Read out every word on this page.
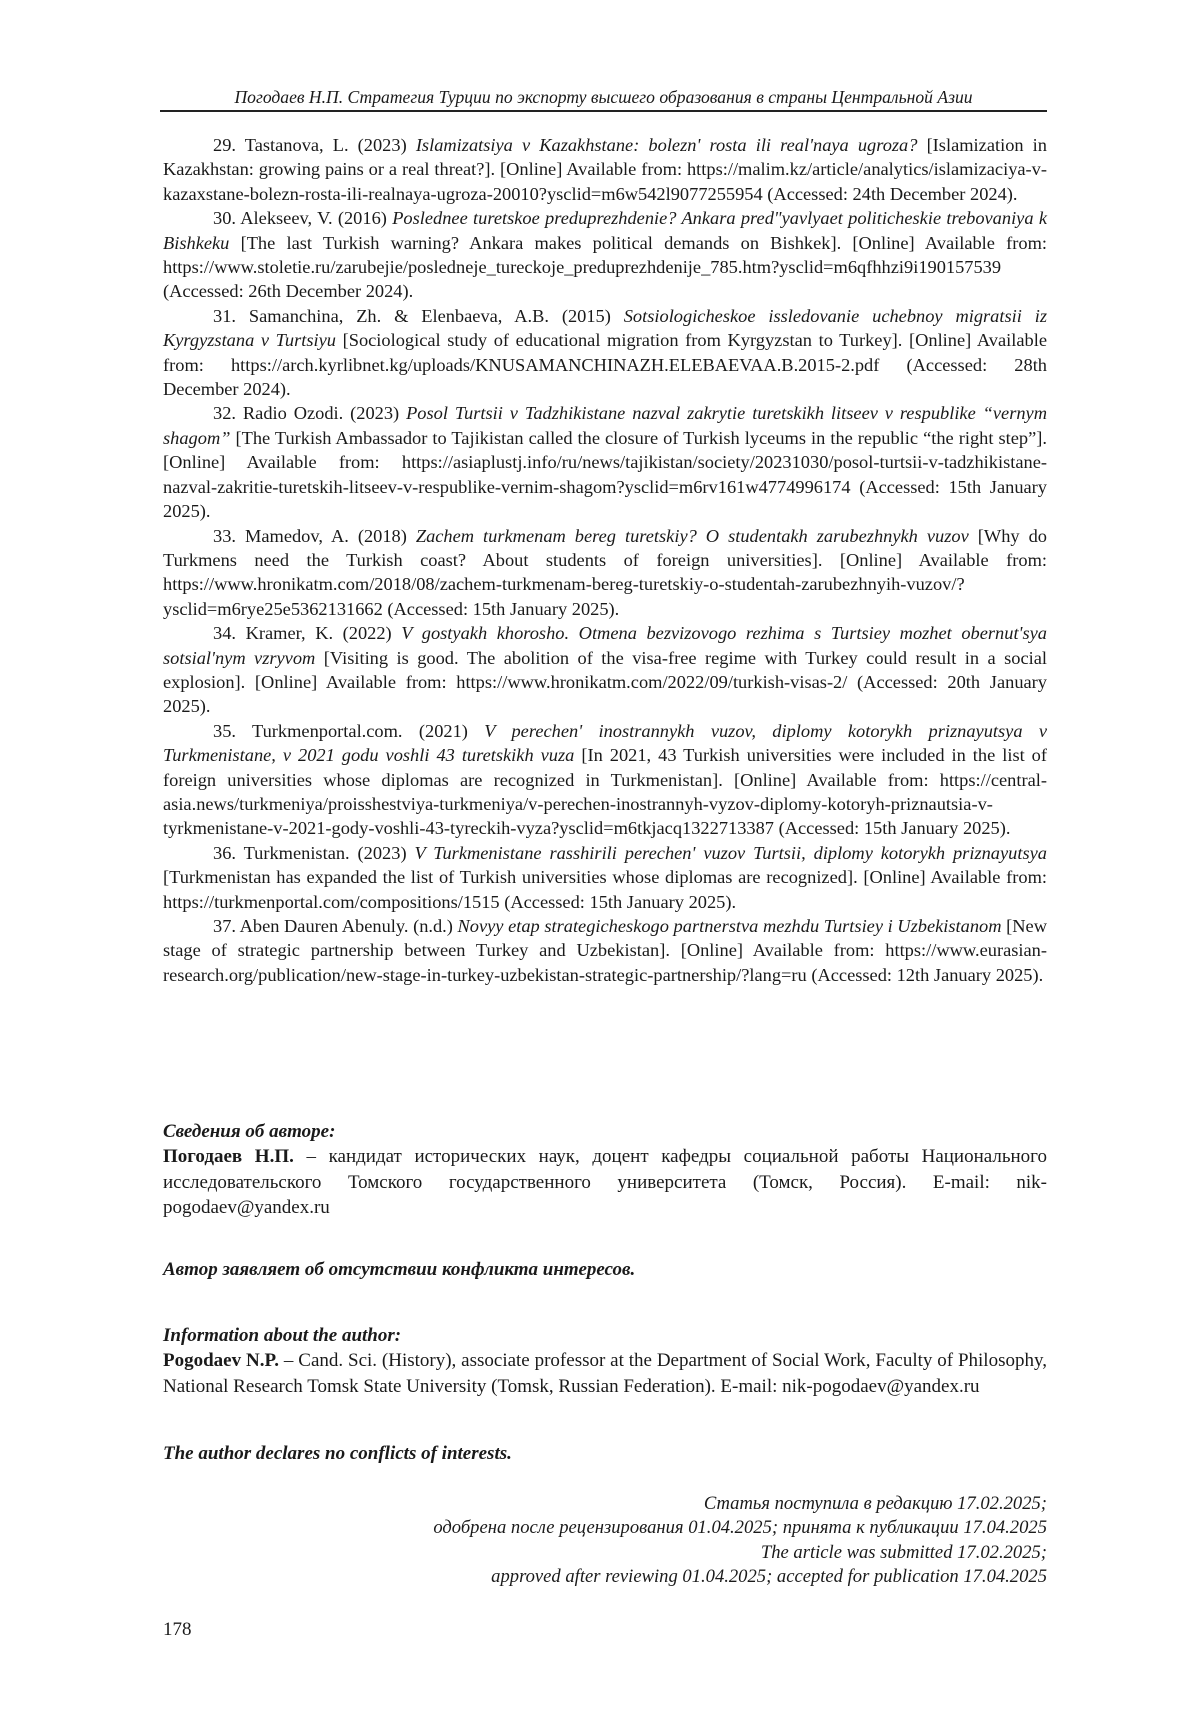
Погодаев Н.П. Стратегия Турции по экспорту высшего образования в страны Центральной Азии
29. Tastanova, L. (2023) Islamizatsiya v Kazakhstane: bolezn' rosta ili real'naya ugroza? [Islamization in Kazakhstan: growing pains or a real threat?]. [Online] Available from: https://malim.kz/article/analytics/islamizaciya-v-kazaxstane-bolezn-rosta-ili-realnaya-ugroza-20010?ysclid=m6w542l9077255954 (Accessed: 24th December 2024).
30. Alekseev, V. (2016) Poslednee turetskoe preduprezhdenie? Ankara pred"yavlyaet politicheskie trebovaniya k Bishkeku [The last Turkish warning? Ankara makes political demands on Bishkek]. [Online] Available from: https://www.stoletie.ru/zarubejie/posledneje_tureckoje_preduprezhdenije_785.htm?ysclid=m6qfhhzi9i190157539 (Accessed: 26th December 2024).
31. Samanchina, Zh. & Elenbaeva, A.B. (2015) Sotsiologicheskoe issledovanie uchebnoy migratsii iz Kyrgyzstana v Turtsiyu [Sociological study of educational migration from Kyrgyzstan to Turkey]. [Online] Available from: https://arch.kyrlibnet.kg/uploads/KNUSAMANCHINAZH.ELEBAEVAA.B.2015-2.pdf (Accessed: 28th December 2024).
32. Radio Ozodi. (2023) Posol Turtsii v Tadzhikistane nazval zakrytie turetskikh litseev v respublike “vernym shagom” [The Turkish Ambassador to Tajikistan called the closure of Turkish lyceums in the republic “the right step”]. [Online] Available from: https://asiaplustj.info/ru/news/tajikistan/society/20231030/posol-turtsii-v-tadzhikistane-nazval-zakritie-turetskih-litseev-v-respublike-vernim-shagom?ysclid=m6rv161w4774996174 (Accessed: 15th January 2025).
33. Mamedov, A. (2018) Zachem turkmenam bereg turetskiy? O studentakh zarubezhnykh vuzov [Why do Turkmens need the Turkish coast? About students of foreign universities]. [Online] Available from: https://www.hronikatm.com/2018/08/zachem-turkmenam-bereg-turetskiy-o-studentah-zarubezhnyih-vuzov/?ysclid=m6rye25e5362131662 (Accessed: 15th January 2025).
34. Kramer, K. (2022) V gostyakh khorosho. Otmena bezvizovogo rezhima s Turtsiey mozhet obernut'sya sotsial'nym vzryvom [Visiting is good. The abolition of the visa-free regime with Turkey could result in a social explosion]. [Online] Available from: https://www.hronikatm.com/2022/09/turkish-visas-2/ (Accessed: 20th January 2025).
35. Turkmenportal.com. (2021) V perechen' inostrannykh vuzov, diplomy kotorykh priznayutsya v Turkmenistane, v 2021 godu voshli 43 turetskikh vuza [In 2021, 43 Turkish universities were included in the list of foreign universities whose diplomas are recognized in Turkmenistan]. [Online] Available from: https://central-asia.news/turkmeniya/proisshestviya-turkmeniya/v-perechen-inostrannyh-vyzov-diplomy-kotoryh-priznautsia-v-tyrkmenistane-v-2021-gody-voshli-43-tyreckih-vyza?ysclid=m6tkjacq1322713387 (Accessed: 15th January 2025).
36. Turkmenistan. (2023) V Turkmenistane rasshirili perechen' vuzov Turtsii, diplomy kotorykh priznayutsya [Turkmenistan has expanded the list of Turkish universities whose diplomas are recognized]. [Online] Available from: https://turkmenportal.com/compositions/1515 (Accessed: 15th January 2025).
37. Aben Dauren Abenuly. (n.d.) Novyy etap strategicheskogo partnerstva mezhdu Turtsiey i Uzbekistanom [New stage of strategic partnership between Turkey and Uzbekistan]. [Online] Available from: https://www.eurasian-research.org/publication/new-stage-in-turkey-uzbekistan-strategic-partnership/?lang=ru (Accessed: 12th January 2025).
Сведения об авторе:
Погодаев Н.П. – кандидат исторических наук, доцент кафедры социальной работы Национального исследовательского Томского государственного университета (Томск, Россия). E-mail: nik-pogodaev@yandex.ru
Автор заявляет об отсутствии конфликта интересов.
Information about the author:
Pogodaev N.P. – Cand. Sci. (History), associate professor at the Department of Social Work, Faculty of Philosophy, National Research Tomsk State University (Tomsk, Russian Federation). E-mail: nik-pogodaev@yandex.ru
The author declares no conflicts of interests.
Статья поступила в редакцию 17.02.2025;
одобрена после рецензирования 01.04.2025; принята к публикации 17.04.2025
The article was submitted 17.02.2025;
approved after reviewing 01.04.2025; accepted for publication 17.04.2025
178
